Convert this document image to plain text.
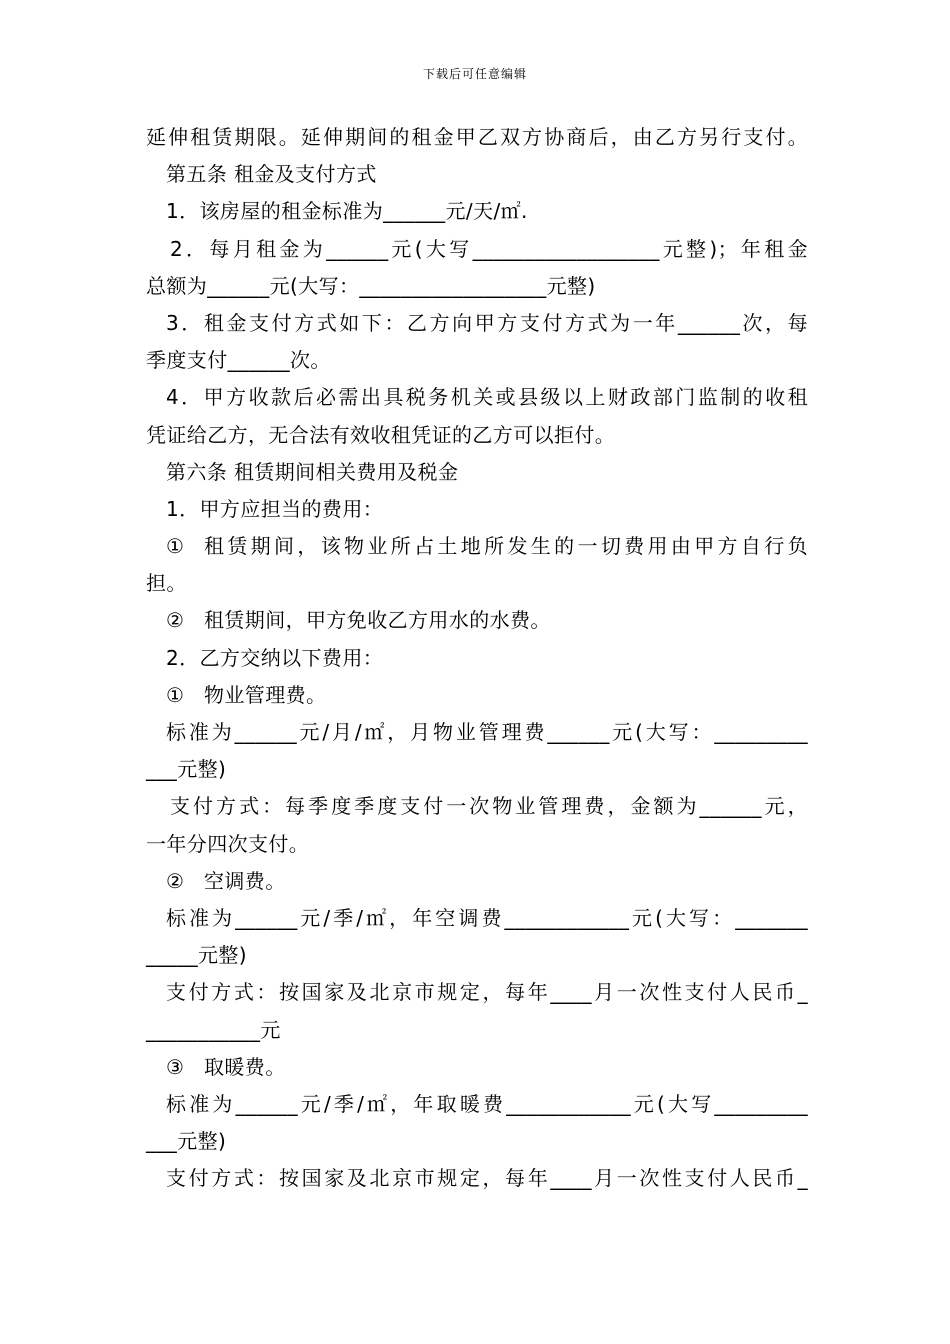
下载后可任意编辑
延伸租赁期限。延伸期间的租金甲乙双方协商后，由乙方另行支付。
第五条 租金及支付方式
1．该房屋的租金标准为______元/天/㎡.
2．每月租金为______元(大写__________________元整)；年租金
总额为______元(大写：__________________元整)
3．租金支付方式如下：乙方向甲方支付方式为一年______次，每
季度支付______次。
4．甲方收款后必需出具税务机关或县级以上财政部门监制的收租
凭证给乙方，无合法有效收租凭证的乙方可以拒付。
第六条 租赁期间相关费用及税金
1．甲方应担当的费用：
① 租赁期间，该物业所占土地所发生的一切费用由甲方自行负
担。
② 租赁期间，甲方免收乙方用水的水费。
2．乙方交纳以下费用：
① 物业管理费。
标准为______元/月/㎡，月物业管理费______元(大写：_________
___元整)
支付方式：每季度季度支付一次物业管理费，金额为______元，
一年分四次支付。
② 空调费。
标准为______元/季/㎡，年空调费____________元(大写：_______
_____元整)
支付方式：按国家及北京市规定，每年____月一次性支付人民币_
___________元
③ 取暖费。
标准为______元/季/㎡，年取暖费____________元(大写_________
___元整)
支付方式：按国家及北京市规定，每年____月一次性支付人民币_
